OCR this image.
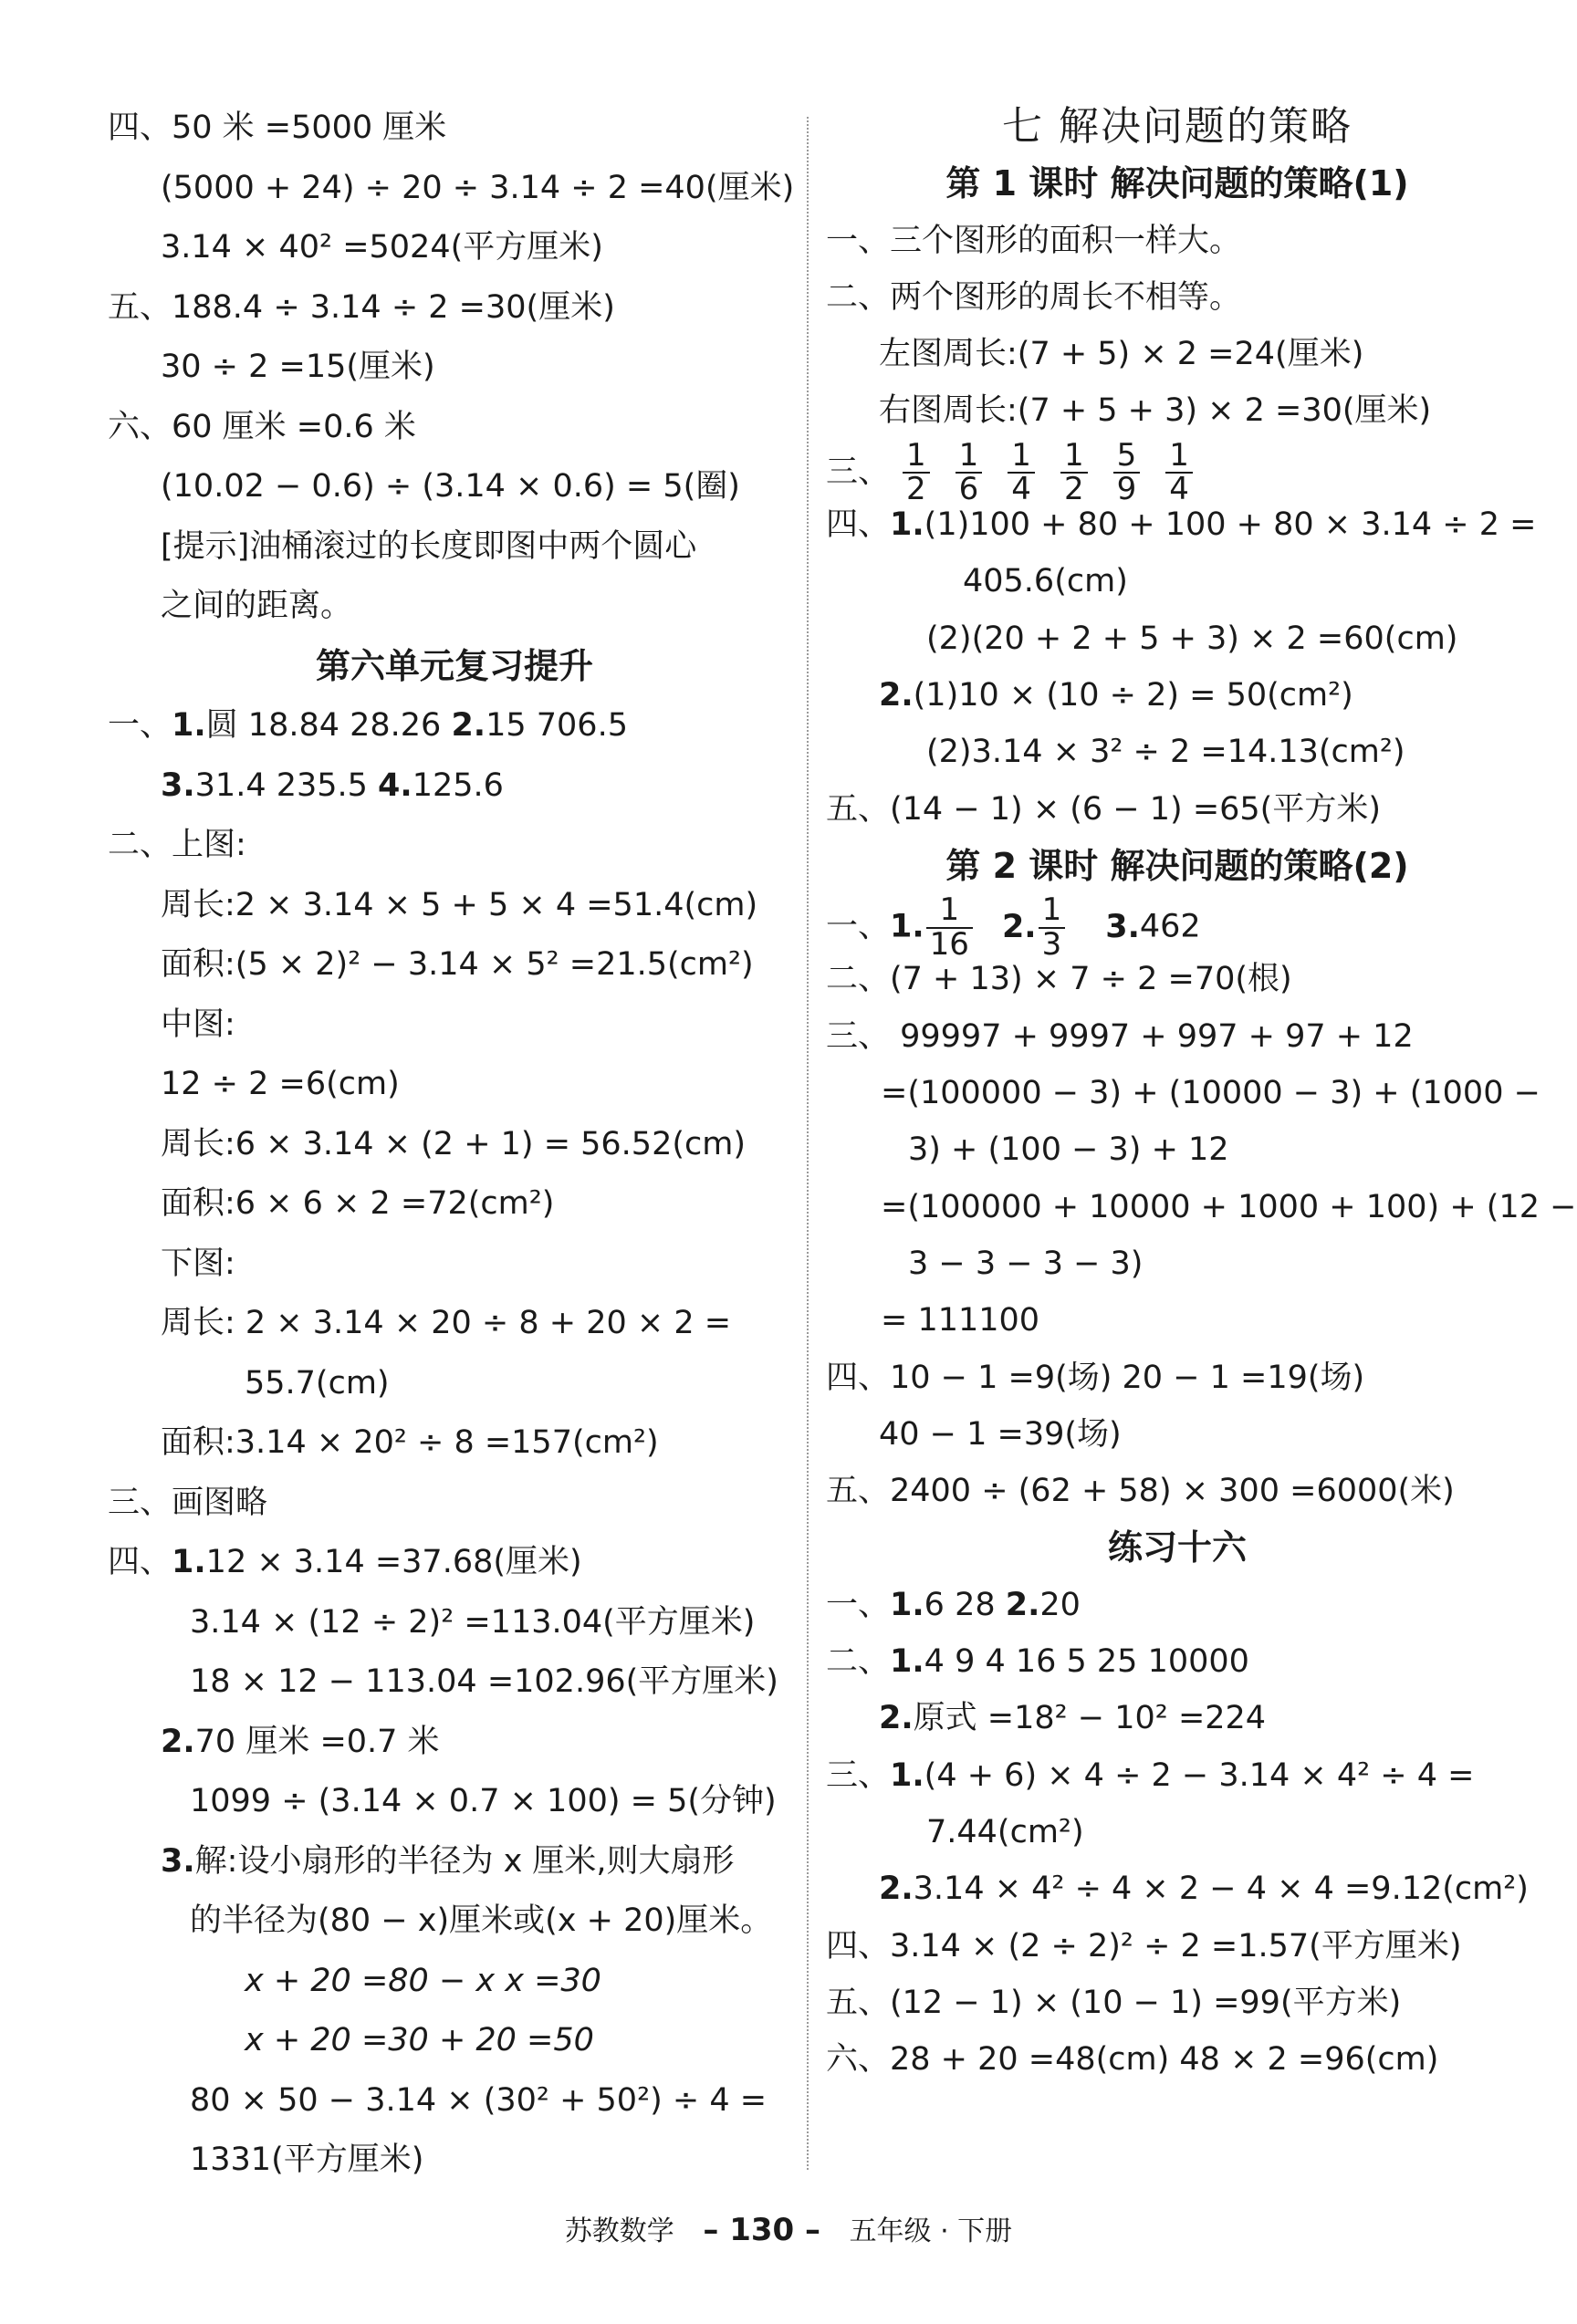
四、50 米 =5000 厘米
(5000 + 24) ÷ 20 ÷ 3.14 ÷ 2 =40(厘米)
3.14 × 40² =5024(平方厘米)
五、188.4 ÷ 3.14 ÷ 2 =30(厘米)
30 ÷ 2 =15(厘米)
六、60 厘米 =0.6 米
(10.02 − 0.6) ÷ (3.14 × 0.6) = 5(圈)
[提示]油桶滚过的长度即图中两个圆心
之间的距离。
第六单元复习提升
一、1.圆 18.84 28.26 2.15 706.5
3.31.4 235.5 4.125.6
二、上图:
周长:2 × 3.14 × 5 + 5 × 4 =51.4(cm)
面积:(5 × 2)² − 3.14 × 5² =21.5(cm²)
中图:
12 ÷ 2 =6(cm)
周长:6 × 3.14 × (2 + 1) = 56.52(cm)
面积:6 × 6 × 2 =72(cm²)
下图:
周长: 2 × 3.14 × 20 ÷ 8 + 20 × 2 =
55.7(cm)
面积:3.14 × 20² ÷ 8 =157(cm²)
三、画图略
四、1.12 × 3.14 =37.68(厘米)
3.14 × (12 ÷ 2)² =113.04(平方厘米)
18 × 12 − 113.04 =102.96(平方厘米)
2.70 厘米 =0.7 米
1099 ÷ (3.14 × 0.7 × 100) = 5(分钟)
3.解:设小扇形的半径为 x 厘米,则大扇形
的半径为(80 − x)厘米或(x + 20)厘米。
x + 20 =80 − x x =30
x + 20 =30 + 20 =50
80 × 50 − 3.14 × (30² + 50²) ÷ 4 =
1331(平方厘米)
七 解决问题的策略
第 1 课时 解决问题的策略(1)
一、三个图形的面积一样大。
二、两个图形的周长不相等。
左图周长:(7 + 5) × 2 =24(厘米)
右图周长:(7 + 5 + 3) × 2 =30(厘米)
三、 $\frac{1}{2} \frac{1}{6} \frac{1}{4} \frac{1}{2} \frac{5}{9} \frac{1}{4}$
四、1.(1)100 + 80 + 100 + 80 × 3.14 ÷ 2 =
405.6(cm)
(2)(20 + 2 + 5 + 3) × 2 =60(cm)
2.(1)10 × (10 ÷ 2) = 50(cm²)
(2)3.14 × 3² ÷ 2 =14.13(cm²)
五、(14 − 1) × (6 − 1) =65(平方米)
第 2 课时 解决问题的策略(2)
一、1. $\frac{1}{16} 2$. $\frac{1}{3} 3.462$
二、(7 + 13) × 7 ÷ 2 =70(根)
三、 99997 + 9997 + 997 + 97 + 12
=(100000 − 3) + (10000 − 3) + (1000 −
3) + (100 − 3) + 12
=(100000 + 10000 + 1000 + 100) + (12 −
3 − 3 − 3 − 3)
= 111100
四、10 − 1 =9(场) 20 − 1 =19(场)
40 − 1 =39(场)
五、2400 ÷ (62 + 58) × 300 =6000(米)
练习十六
一、1.6 28 2.20
二、1.4 9 4 16 5 25 10000
2.原式 =18² − 10² =224
三、1.(4 + 6) × 4 ÷ 2 − 3.14 × 4² ÷ 4 =
7.44(cm²)
2.3.14 × 4² ÷ 4 × 2 − 4 × 4 =9.12(cm²)
四、3.14 × (2 ÷ 2)² ÷ 2 =1.57(平方厘米)
五、(12 − 1) × (10 − 1) =99(平方米)
六、28 + 20 =48(cm) 48 × 2 =96(cm)
苏教数学 – 130 – 五年级 · 下册
